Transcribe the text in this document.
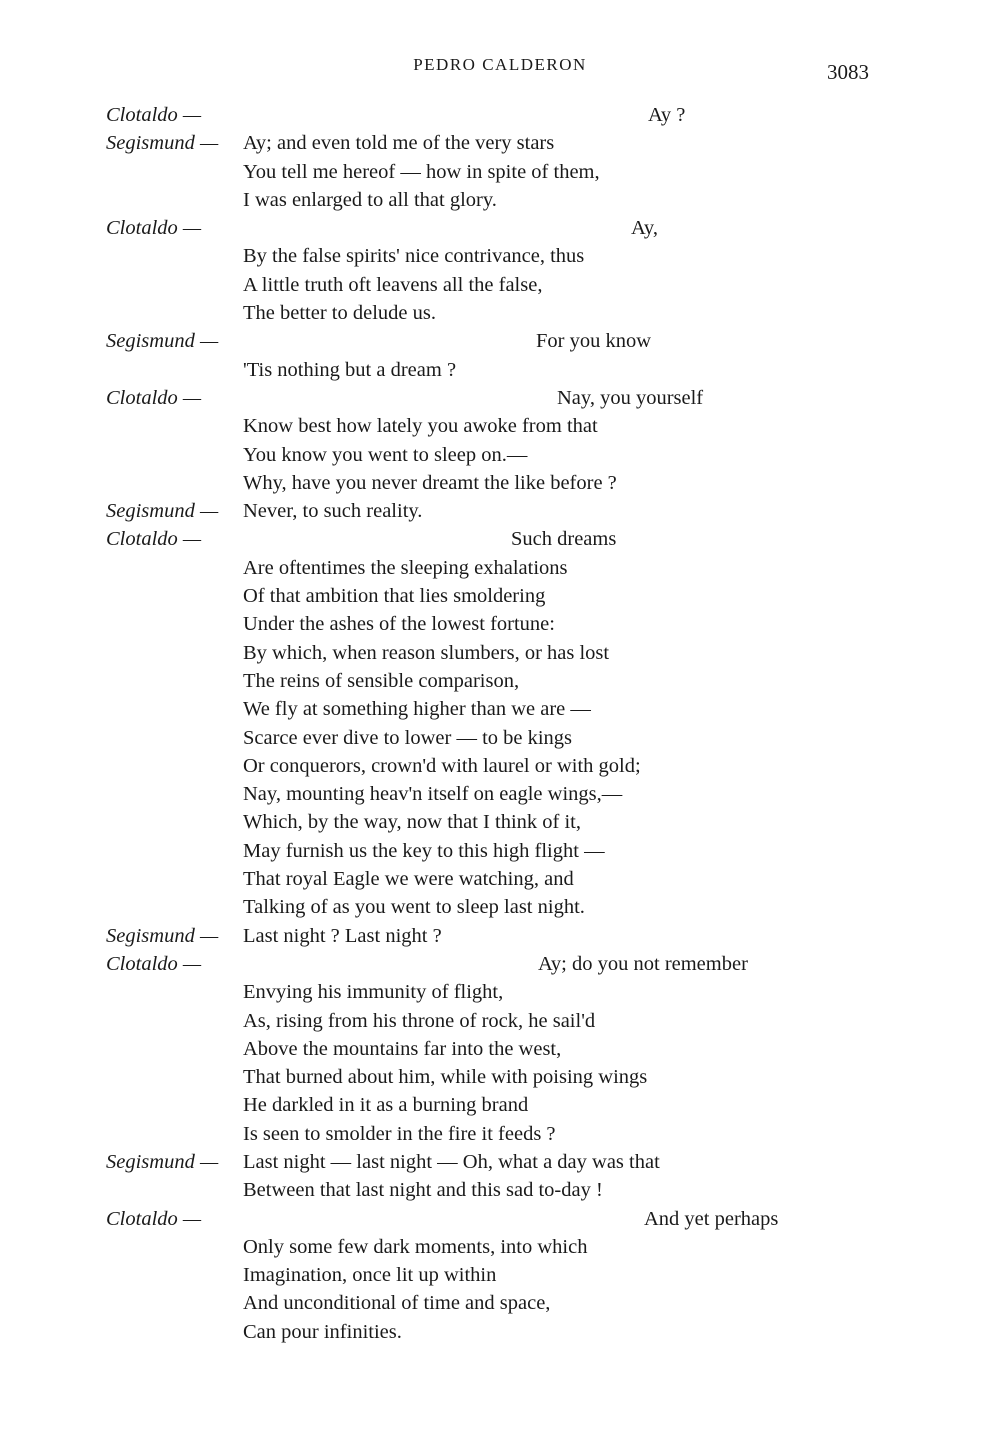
PEDRO CALDERON	3083
Clotaldo —	Ay ?
Segismund — Ay; and even told me of the very stars
You tell me hereof — how in spite of them,
I was enlarged to all that glory.
Clotaldo —	Ay,
By the false spirits' nice contrivance, thus
A little truth oft leavens all the false,
The better to delude us.
Segismund —	For you know
'Tis nothing but a dream ?
Clotaldo —	Nay, you yourself
Know best how lately you awoke from that
You know you went to sleep on.—
Why, have you never dreamt the like before ?
Segismund — Never, to such reality.
Clotaldo —	Such dreams
Are oftentimes the sleeping exhalations
Of that ambition that lies smoldering
Under the ashes of the lowest fortune:
By which, when reason slumbers, or has lost
The reins of sensible comparison,
We fly at something higher than we are —
Scarce ever dive to lower — to be kings
Or conquerors, crown'd with laurel or with gold;
Nay, mounting heav'n itself on eagle wings,—
Which, by the way, now that I think of it,
May furnish us the key to this high flight —
That royal Eagle we were watching, and
Talking of as you went to sleep last night.
Segismund — Last night ? Last night ?
Clotaldo —	Ay; do you not remember
Envying his immunity of flight,
As, rising from his throne of rock, he sail'd
Above the mountains far into the west,
That burned about him, while with poising wings
He darkled in it as a burning brand
Is seen to smolder in the fire it feeds ?
Segismund — Last night — last night — Oh, what a day was that
Between that last night and this sad to-day !
Clotaldo —	And yet perhaps
Only some few dark moments, into which
Imagination, once lit up within
And unconditional of time and space,
Can pour infinities.
